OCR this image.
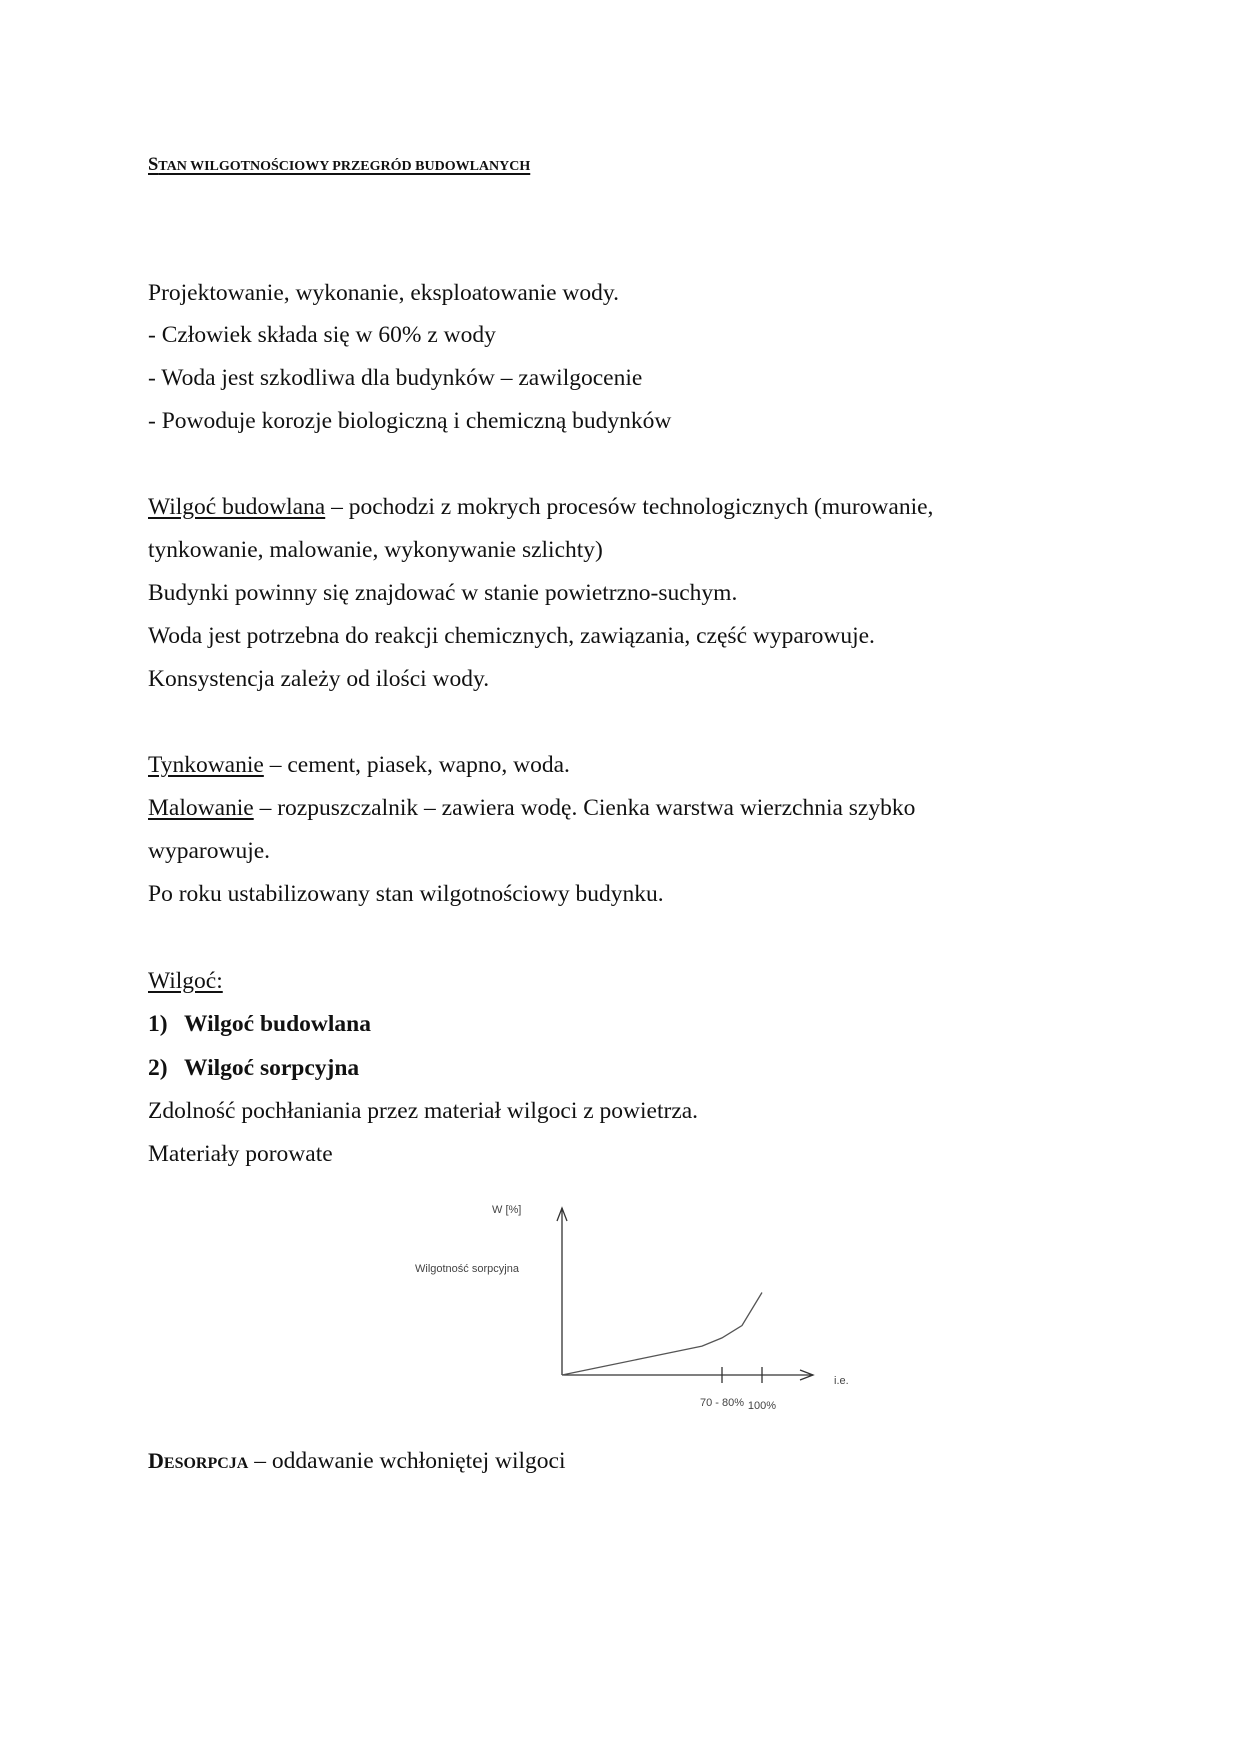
STAN WILGOTNOŚCIOWY PRZEGRÓD BUDOWLANYCH
Projektowanie, wykonanie, eksploatowanie wody.
- Człowiek składa się w 60% z wody
- Woda jest szkodliwa dla budynków – zawilgocenie
- Powoduje korozje biologiczną i chemiczną budynków
Wilgoć budowlana – pochodzi z mokrych procesów technologicznych (murowanie,
tynkowanie, malowanie, wykonywanie szlichty)
Budynki powinny się znajdować w stanie powietrzno-suchym.
Woda jest potrzebna do reakcji chemicznych, zawiązania, część wyparowuje.
Konsystencja zależy od ilości wody.
Tynkowanie – cement, piasek, wapno, woda.
Malowanie – rozpuszczalnik – zawiera wodę. Cienka warstwa wierzchnia szybko
wyparowuje.
Po roku ustabilizowany stan wilgotnościowy budynku.
Wilgoć:
1) Wilgoć budowlana
2) Wilgoć sorpcyjna
Zdolność pochłaniania przez materiał wilgoci z powietrza.
Materiały porowate
W [%]
Wilgotność sorpcyjna
i.e.
70 - 80% 100%
DESORPCJA – oddawanie wchłoniętej wilgoci
